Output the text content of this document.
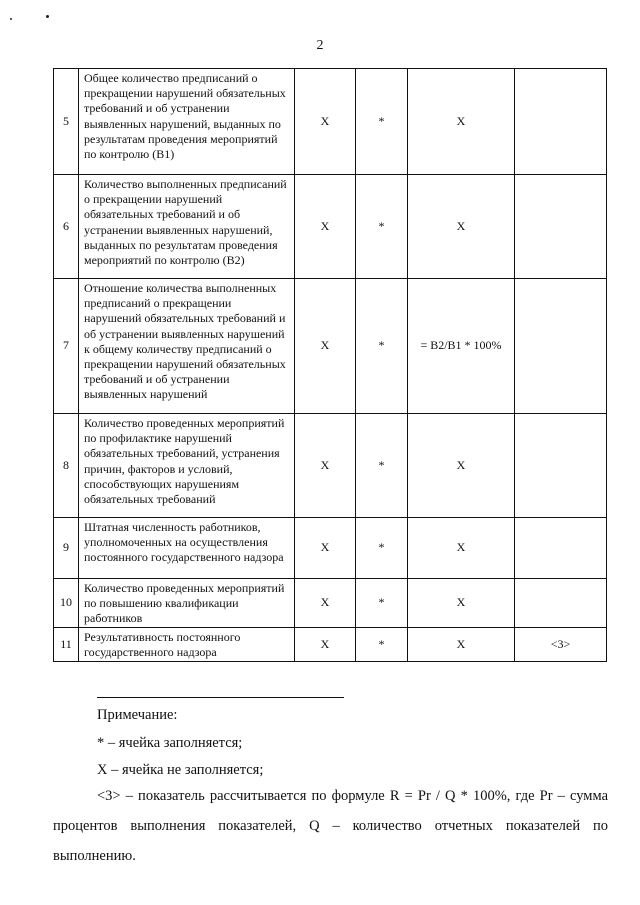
2
5	Общее количество предписаний о прекращении нарушений обязательных требований и об устранении выявленных нарушений, выданных по результатам проведения мероприятий по контролю (В1)	Х	*	Х	
6	Количество выполненных предписаний о прекращении нарушений обязательных требований и об устранении выявленных нарушений, выданных по результатам проведения мероприятий по контролю (В2)	Х	*	Х	
7	Отношение количества выполненных предписаний о прекращении нарушений обязательных требований и об устранении выявленных нарушений к общему количеству предписаний о прекращении нарушений обязательных требований и об устранении выявленных нарушений	Х	*	= В2/В1 * 100%	
8	Количество проведенных мероприятий по профилактике нарушений обязательных требований, устранения причин, факторов и условий, способствующих нарушениям обязательных требований	Х	*	Х	
9	Штатная численность работников, уполномоченных на осуществления постоянного государственного надзора	Х	*	Х	
10	Количество проведенных мероприятий по повышению квалификации работников	Х	*	Х	
11	Результативность постоянного государственного надзора	Х	*	Х	<3>
Примечание:
* – ячейка заполняется;
Х – ячейка не заполняется;
<3> – показатель рассчитывается по формуле R = Pr / Q * 100%, где Pr – сумма процентов выполнения показателей, Q – количество отчетных показателей по выполнению.
